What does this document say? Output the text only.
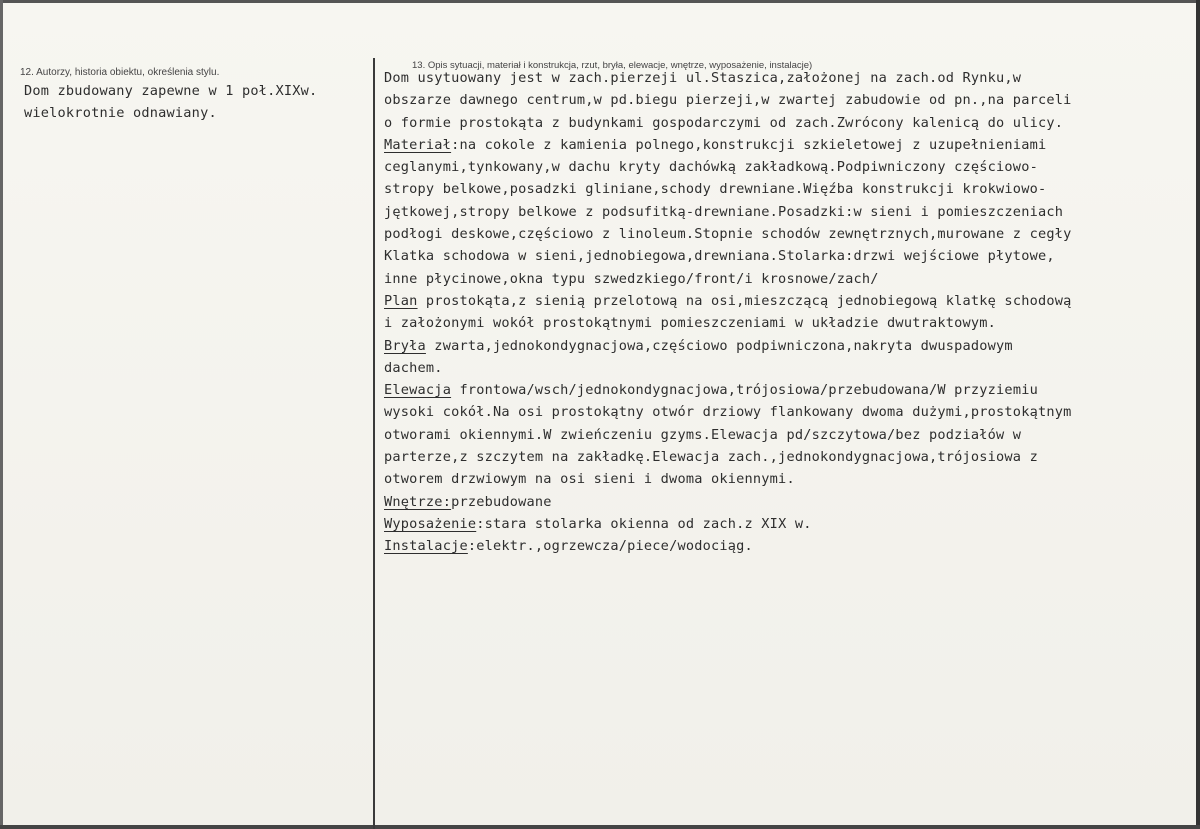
12. Autorzy, historia obiektu, określenia stylu.
13. Opis sytuacji, materiał i konstrukcja, rzut, bryła, elewacje, wnętrze, wyposażenie, instalacje)
Dom zbudowany zapewne w 1 poł.XIXw.
wielokrotnie odnawiany.
Dom usytuowany jest w zach.pierzeji ul.Staszica,założonej na zach.od Rynku,w
obszarze dawnego centrum,w pd.biegu pierzeji,w zwartej zabudowie od pn.,na parceli
o formie prostokąta z budynkami gospodarczymi od zach.Zwrócony kalenicą do ulicy.
Materiał:na cokole z kamienia polnego,konstrukcji szkieletowej z uzupełnieniami
ceglanymi,tynkowany,w dachu kryty dachówką zakładkową.Podpiwniczony częściowo-
stropy belkowe,posadzki gliniane,schody drewniane.Więźba konstrukcji krokwiowo-
jętkowej,stropy belkowe z podsufitką-drewniane.Posadzki:w sieni i pomieszczeniach
podłogi deskowe,częściowo z linoleum.Stopnie schodów zewnętrznych,murowane z cegły
Klatka schodowa w sieni,jednobiegowa,drewniana.Stolarka:drzwi wejściowe płytowe,
inne płycinowe,okna typu szwedzkiego/front/i krosnowe/zach/
Plan prostokąta,z sienią przelotową na osi,mieszczącą jednobiegową klatkę schodową
i założonymi wokół prostokątnymi pomieszczeniami w układzie dwutraktowym.
Bryła zwarta,jednokondygnacjowa,częściowo podpiwniczona,nakryta dwuspadowym
dachem.
Elewacja frontowa/wsch/jednokondygnacjowa,trójosiowa/przebudowana/W przyziemiu
wysoki cokół.Na osi prostokątny otwór drziowy flankowany dwoma dużymi,prostokątnym
otworami okiennymi.W zwieńczeniu gzyms.Elewacja pd/szczytowa/bez podziałów w
parterze,z szczytem na zakładkę.Elewacja zach.,jednokondygnacjowa,trójosiowa z
otworem drzwiowym na osi sieni i dwoma okiennymi.
Wnętrze:przebudowane
Wyposażenie:stara stolarka okienna od zach.z XIX w.
Instalacje:elektr.,ogrzewcza/piece/wodociąg.
